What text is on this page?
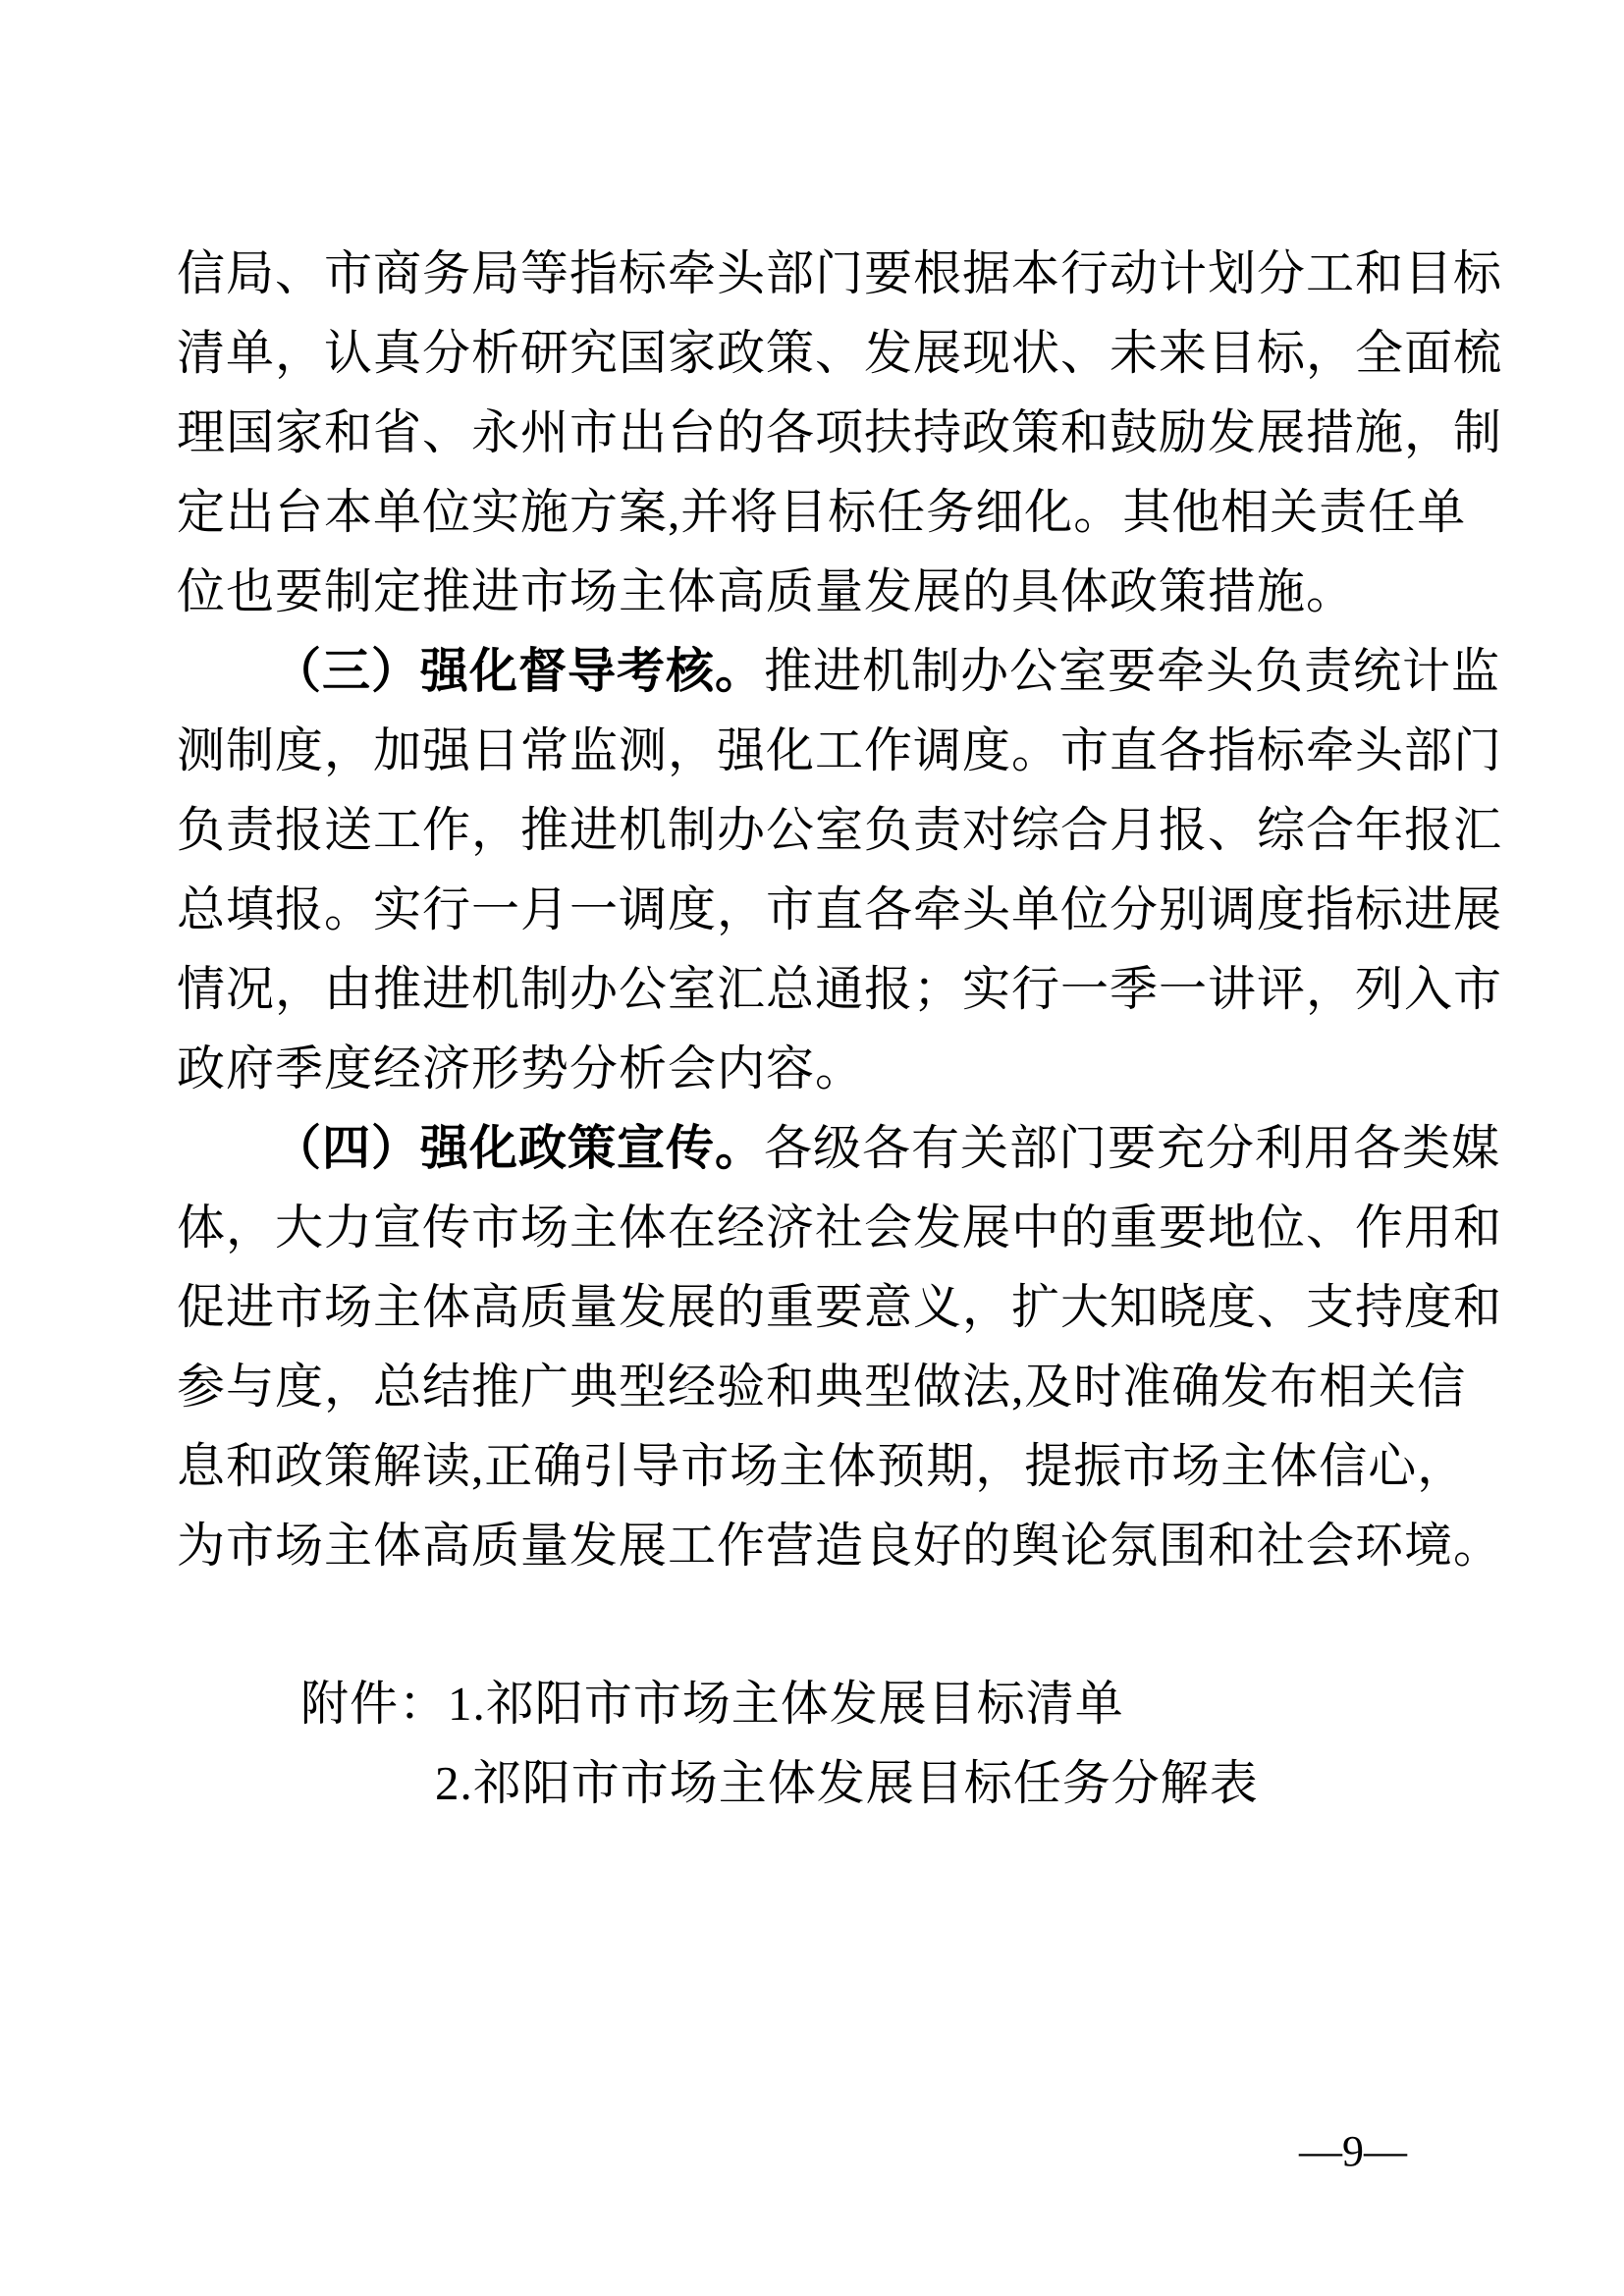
信局、市商务局等指标牵头部门要根据本行动计划分工和目标
清单，认真分析研究国家政策、发展现状、未来目标，全面梳
理国家和省、永州市出台的各项扶持政策和鼓励发展措施，制
定出台本单位实施方案,并将目标任务细化。其他相关责任单
位也要制定推进市场主体高质量发展的具体政策措施。
（三）强化督导考核。推进机制办公室要牵头负责统计监
测制度，加强日常监测，强化工作调度。市直各指标牵头部门
负责报送工作，推进机制办公室负责对综合月报、综合年报汇
总填报。实行一月一调度，市直各牵头单位分别调度指标进展
情况，由推进机制办公室汇总通报；实行一季一讲评，列入市
政府季度经济形势分析会内容。
（四）强化政策宣传。各级各有关部门要充分利用各类媒
体，大力宣传市场主体在经济社会发展中的重要地位、作用和
促进市场主体高质量发展的重要意义，扩大知晓度、支持度和
参与度，总结推广典型经验和典型做法,及时准确发布相关信
息和政策解读,正确引导市场主体预期，提振市场主体信心，
为市场主体高质量发展工作营造良好的舆论氛围和社会环境。
附件：1.祁阳市市场主体发展目标清单
2.祁阳市市场主体发展目标任务分解表
—9—
